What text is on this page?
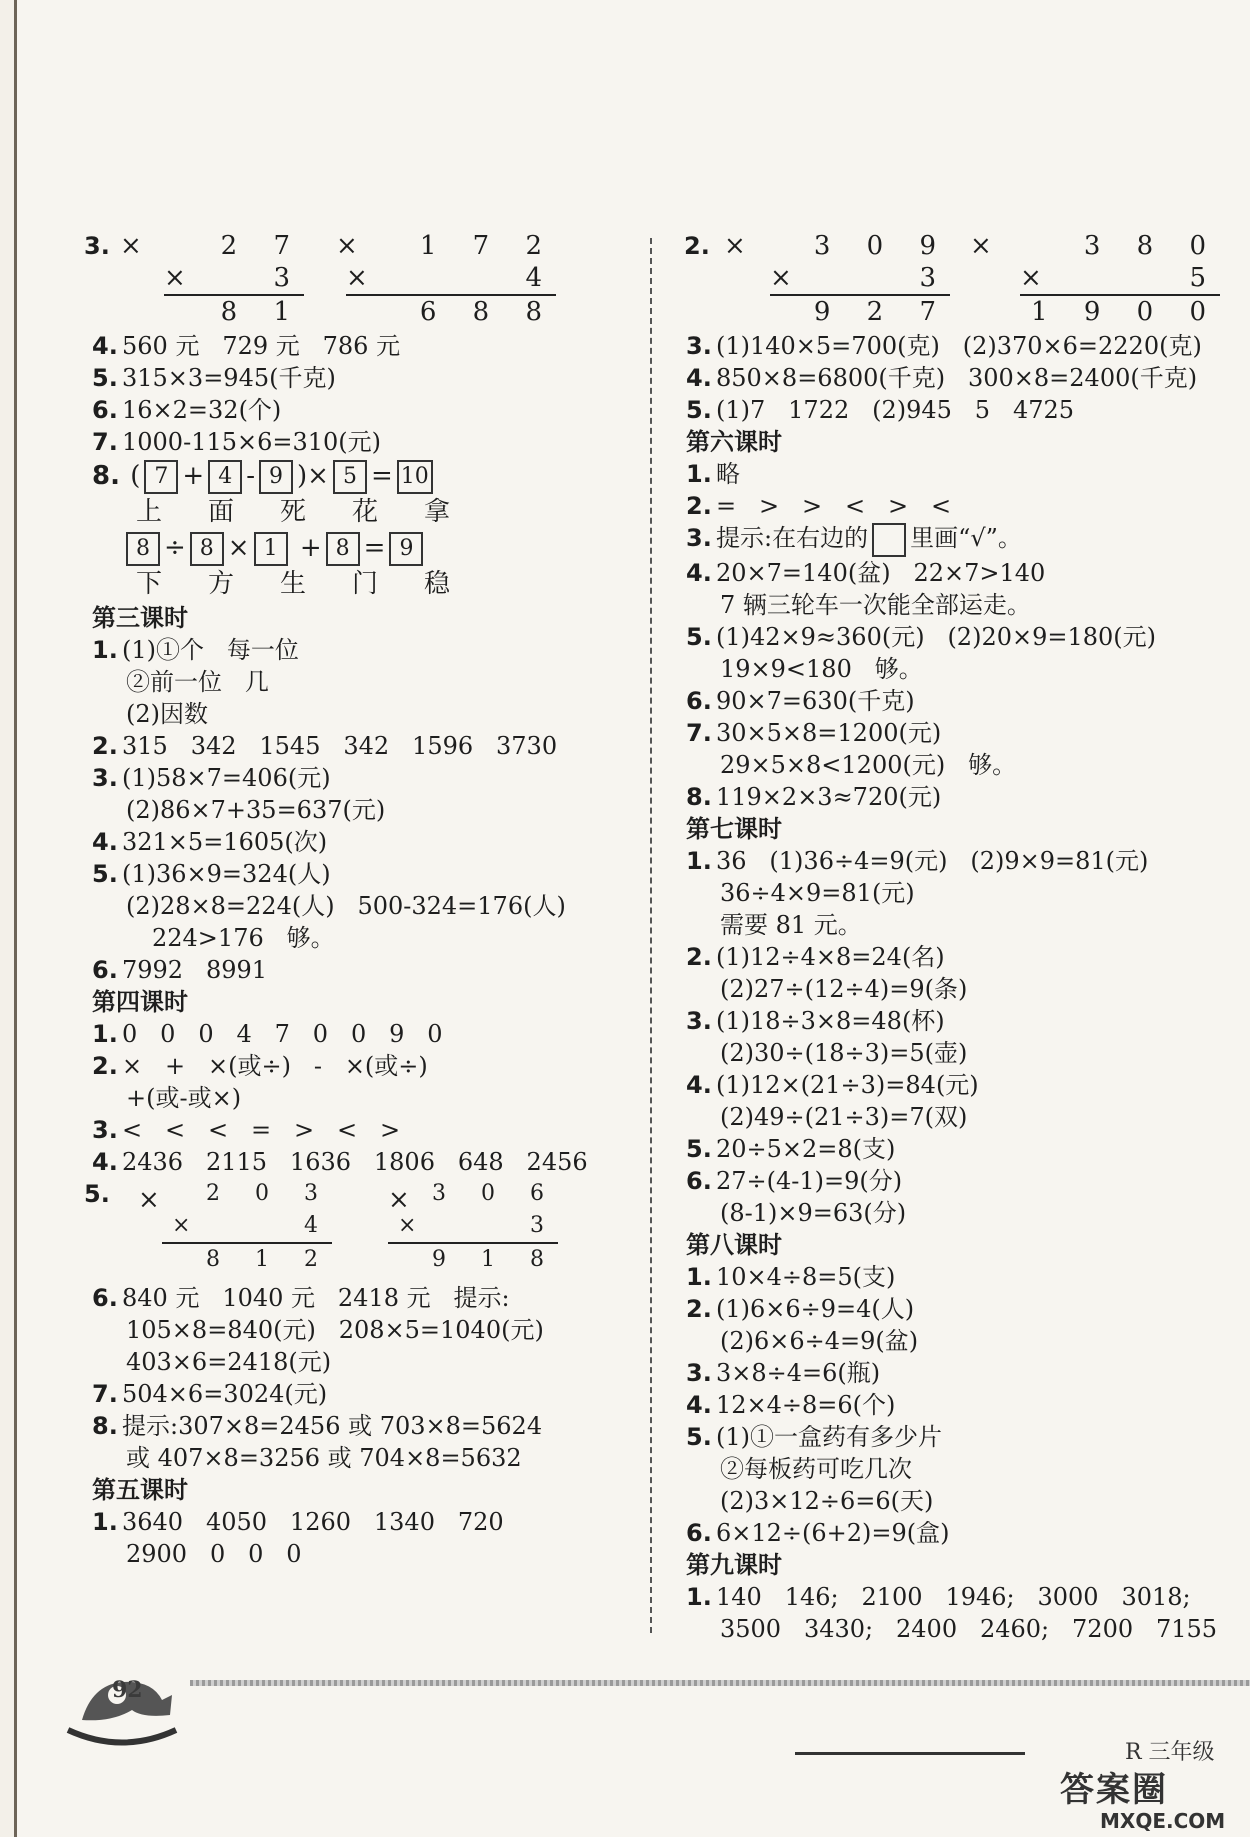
3. ×	2 7
×	3
8 1
×	1 7 2
×	4
6 8 8
4. 560 元   729 元   786 元
5. 315×3=945(千克)
6. 16×2=32(个)
7. 1000-115×6=310(元)
8. ( 7 + 4 - 9 )× 5 = 10
上 面 死 花 拿
8 ÷ 8 × 1 + 8 = 9
下 方 生 门 稳
第三课时
1. (1)①个   每一位
②前一位   几
(2)因数
2. 315   342   1545   342   1596   3730
3. (1)58×7=406(元)
(2)86×7+35=637(元)
4. 321×5=1605(次)
5. (1)36×9=324(人)
(2)28×8=224(人)   500-324=176(人)
224>176   够。
6. 7992   8991
第四课时
1. 0   0   0   4   7   0   0   9   0
2. ×   +   ×(或÷)   -   ×(或÷)
+(或-或×)
3. <   <   <   =   >   <   >
4. 2436   2115   1636   1806   648   2456
5. ×	2 0 3
×	4
8 1 2
×	3 0 6
×	3
9 1 8
6. 840 元   1040 元   2418 元   提示:
105×8=840(元)   208×5=1040(元)
403×6=2418(元)
7. 504×6=3024(元)
8. 提示:307×8=2456 或 703×8=5624
或 407×8=3256 或 704×8=5632
第五课时
1. 3640   4050   1260   1340   720
2900   0   0   0
2. ×	3 0 9
×	3
9 2 7
×	3 8 0
×	5
1 9 0 0
3. (1)140×5=700(克)   (2)370×6=2220(克)
4. 850×8=6800(千克)   300×8=2400(千克)
5. (1)7   1722   (2)945   5   4725
第六课时
1. 略
2. =   >   >   <   >   <
3. 提示:在右边的 里画“√”。
4. 20×7=140(盆)   22×7>140
7 辆三轮车一次能全部运走。
5. (1)42×9≈360(元)   (2)20×9=180(元)
19×9<180   够。
6. 90×7=630(千克)
7. 30×5×8=1200(元)
29×5×8<1200(元)   够。
8. 119×2×3≈720(元)
第七课时
1. 36   (1)36÷4=9(元)   (2)9×9=81(元)
36÷4×9=81(元)
需要 81 元。
2. (1)12÷4×8=24(名)
(2)27÷(12÷4)=9(条)
3. (1)18÷3×8=48(杯)
(2)30÷(18÷3)=5(壶)
4. (1)12×(21÷3)=84(元)
(2)49÷(21÷3)=7(双)
5. 20÷5×2=8(支)
6. 27÷(4-1)=9(分)
(8-1)×9=63(分)
第八课时
1. 10×4÷8=5(支)
2. (1)6×6÷9=4(人)
(2)6×6÷4=9(盆)
3. 3×8÷4=6(瓶)
4. 12×4÷8=6(个)
5. (1)①一盒药有多少片
②每板药可吃几次
(2)3×12÷6=6(天)
6. 6×12÷(6+2)=9(盒)
第九课时
1. 140   146;   2100   1946;   3000   3018;
3500   3430;   2400   2460;   7200   7155
92
R 三年级
答案圈
MXQE.COM
